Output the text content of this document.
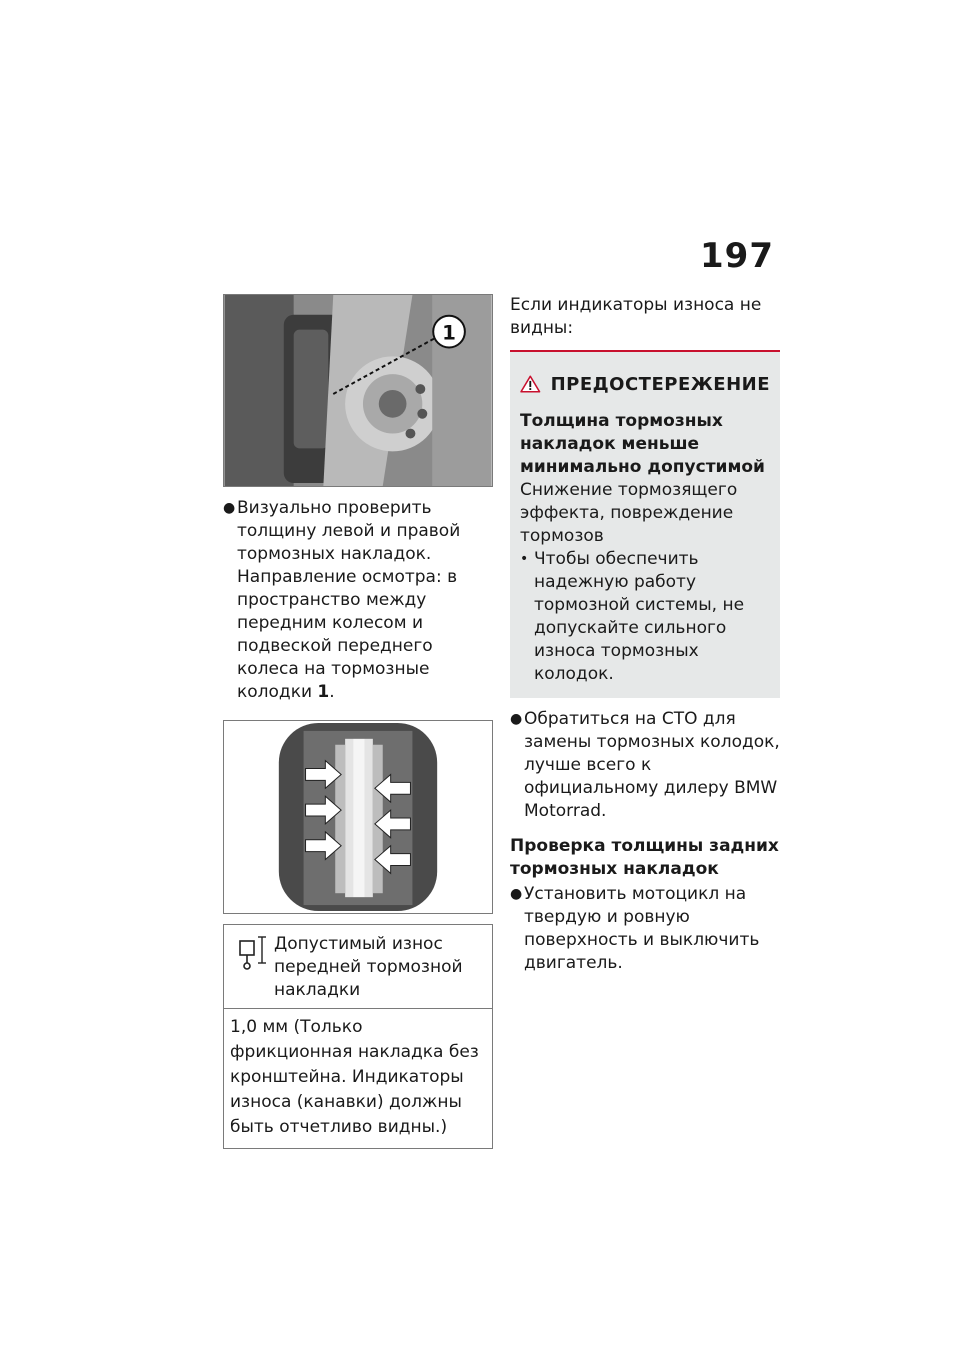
197
1
● Визуально проверить толщину левой и правой тормозных накладок. Направление осмотра: в пространство между передним колесом и подвеской переднего колеса на тормозные колодки 1.
Допустимый износ передней тормозной накладки
1,0 мм (Только фрикционная накладка без кронштейна. Индикаторы износа (канавки) должны быть отчетливо видны.)
Если индикаторы износа не видны:
ПРЕДОСТЕРЕЖЕНИЕ
Толщина тормозных накладок меньше минимально допустимой
Снижение тормозящего эффекта, повреждение тормозов
• Чтобы обеспечить надежную работу тормозной системы, не допускайте сильного износа тормозных колодок.
● Обратиться на СТО для замены тормозных колодок, лучше всего к официальному дилеру BMW Motorrad.
Проверка толщины задних тормозных накладок
● Установить мотоцикл на твердую и ровную поверхность и выключить двигатель.
